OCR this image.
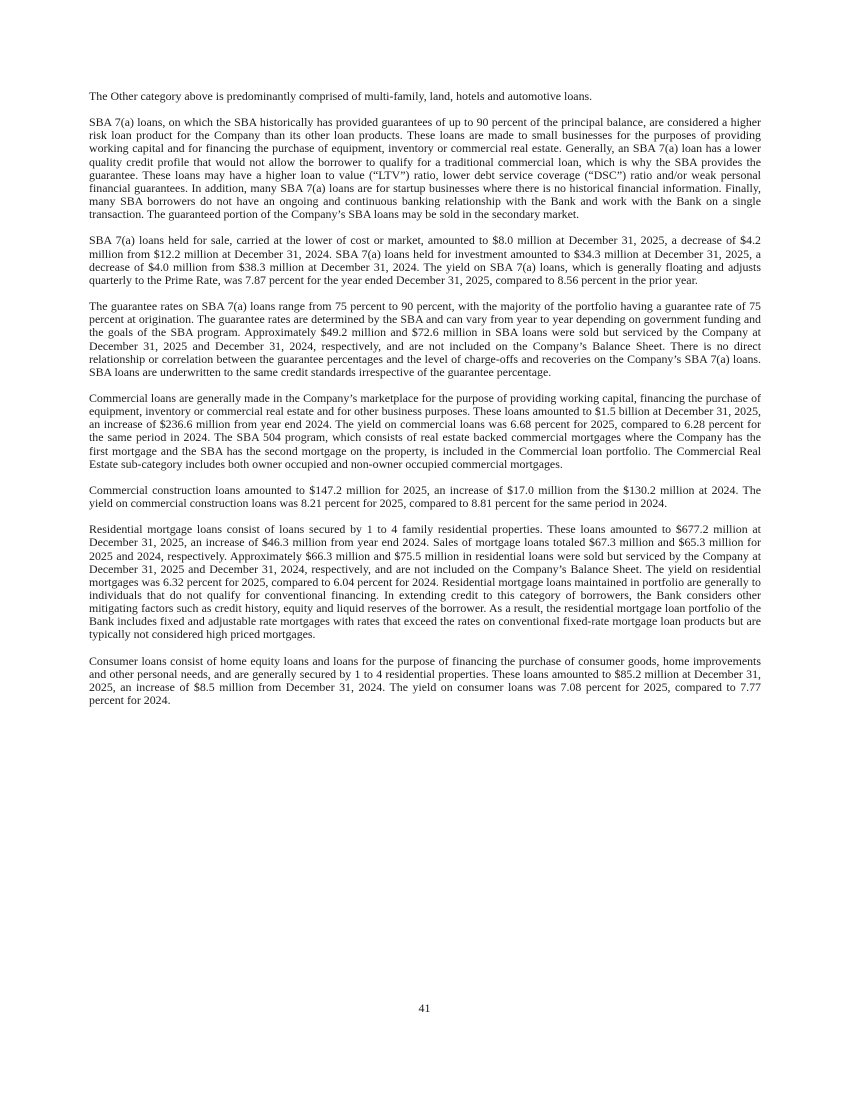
The Other category above is predominantly comprised of multi-family, land, hotels and automotive loans.

SBA 7(a) loans, on which the SBA historically has provided guarantees of up to 90 percent of the principal balance, are considered a higher risk loan product for the Company than its other loan products. These loans are made to small businesses for the purposes of providing working capital and for financing the purchase of equipment, inventory or commercial real estate. Generally, an SBA 7(a) loan has a lower quality credit profile that would not allow the borrower to qualify for a traditional commercial loan, which is why the SBA provides the guarantee. These loans may have a higher loan to value (“LTV”) ratio, lower debt service coverage (“DSC”) ratio and/or weak personal financial guarantees. In addition, many SBA 7(a) loans are for startup businesses where there is no historical financial information. Finally, many SBA borrowers do not have an ongoing and continuous banking relationship with the Bank and work with the Bank on a single transaction. The guaranteed portion of the Company’s SBA loans may be sold in the secondary market.

SBA 7(a) loans held for sale, carried at the lower of cost or market, amounted to $8.0 million at December 31, 2025, a decrease of $4.2 million from $12.2 million at December 31, 2024. SBA 7(a) loans held for investment amounted to $34.3 million at December 31, 2025, a decrease of $4.0 million from $38.3 million at December 31, 2024. The yield on SBA 7(a) loans, which is generally floating and adjusts quarterly to the Prime Rate, was 7.87 percent for the year ended December 31, 2025, compared to 8.56 percent in the prior year.

The guarantee rates on SBA 7(a) loans range from 75 percent to 90 percent, with the majority of the portfolio having a guarantee rate of 75 percent at origination. The guarantee rates are determined by the SBA and can vary from year to year depending on government funding and the goals of the SBA program. Approximately $49.2 million and $72.6 million in SBA loans were sold but serviced by the Company at December 31, 2025 and December 31, 2024, respectively, and are not included on the Company’s Balance Sheet. There is no direct relationship or correlation between the guarantee percentages and the level of charge-offs and recoveries on the Company’s SBA 7(a) loans. SBA loans are underwritten to the same credit standards irrespective of the guarantee percentage.

Commercial loans are generally made in the Company’s marketplace for the purpose of providing working capital, financing the purchase of equipment, inventory or commercial real estate and for other business purposes. These loans amounted to $1.5 billion at December 31, 2025, an increase of $236.6 million from year end 2024. The yield on commercial loans was 6.68 percent for 2025, compared to 6.28 percent for the same period in 2024. The SBA 504 program, which consists of real estate backed commercial mortgages where the Company has the first mortgage and the SBA has the second mortgage on the property, is included in the Commercial loan portfolio. The Commercial Real Estate sub-category includes both owner occupied and non-owner occupied commercial mortgages.

Commercial construction loans amounted to $147.2 million for 2025, an increase of $17.0 million from the $130.2 million at 2024. The yield on commercial construction loans was 8.21 percent for 2025, compared to 8.81 percent for the same period in 2024.

Residential mortgage loans consist of loans secured by 1 to 4 family residential properties. These loans amounted to $677.2 million at December 31, 2025, an increase of $46.3 million from year end 2024. Sales of mortgage loans totaled $67.3 million and $65.3 million for 2025 and 2024, respectively. Approximately $66.3 million and $75.5 million in residential loans were sold but serviced by the Company at December 31, 2025 and December 31, 2024, respectively, and are not included on the Company’s Balance Sheet. The yield on residential mortgages was 6.32 percent for 2025, compared to 6.04 percent for 2024. Residential mortgage loans maintained in portfolio are generally to individuals that do not qualify for conventional financing. In extending credit to this category of borrowers, the Bank considers other mitigating factors such as credit history, equity and liquid reserves of the borrower. As a result, the residential mortgage loan portfolio of the Bank includes fixed and adjustable rate mortgages with rates that exceed the rates on conventional fixed-rate mortgage loan products but are typically not considered high priced mortgages.

Consumer loans consist of home equity loans and loans for the purpose of financing the purchase of consumer goods, home improvements and other personal needs, and are generally secured by 1 to 4 residential properties. These loans amounted to $85.2 million at December 31, 2025, an increase of $8.5 million from December 31, 2024. The yield on consumer loans was 7.08 percent for 2025, compared to 7.77 percent for 2024.

41
